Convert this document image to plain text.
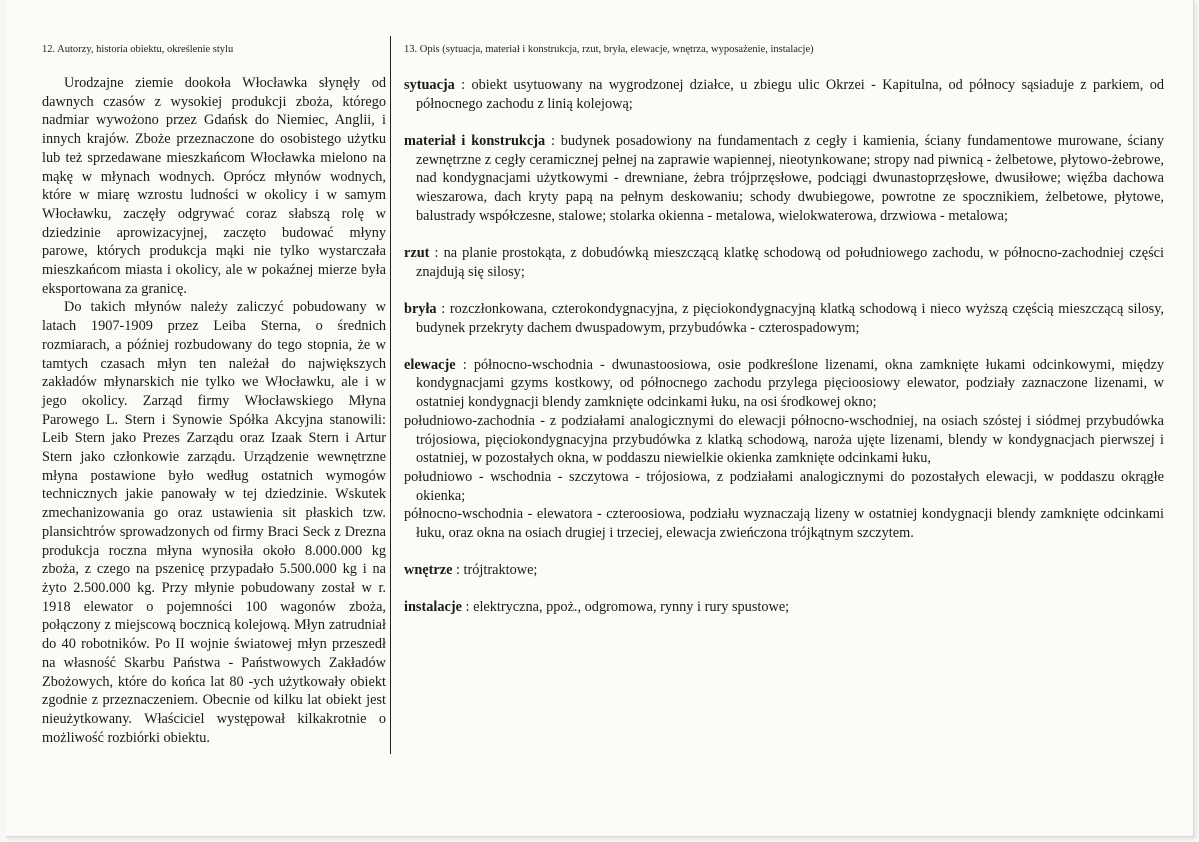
12. Autorzy, historia obiektu, określenie stylu	13. Opis (sytuacja, materiał i konstrukcja, rzut, bryła, elewacje, wnętrza, wyposażenie, instalacje)

Urodzajne ziemie dookoła Włocławka słynęły od dawnych czasów z wysokiej produkcji zboża, którego nadmiar wywożono przez Gdańsk do Niemiec, Anglii, i innych krajów. Zboże przeznaczone do osobistego użytku lub też sprzedawane mieszkańcom Włocławka mielono na mąkę w młynach wodnych. Oprócz młynów wodnych, które w miarę wzrostu ludności w okolicy i w samym Włocławku, zaczęły odgrywać coraz słabszą rolę w dziedzinie aprowizacyjnej, zaczęto budować młyny parowe, których produkcja mąki nie tylko wystarczała mieszkańcom miasta i okolicy, ale w pokaźnej mierze była eksportowana za granicę.

Do takich młynów należy zaliczyć pobudowany w latach 1907-1909 przez Leiba Sterna, o średnich rozmiarach, a później rozbudowany do tego stopnia, że w tamtych czasach młyn ten należał do największych zakładów młynarskich nie tylko we Włocławku, ale i w jego okolicy. Zarząd firmy Włocławskiego Młyna Parowego L. Stern i Synowie Spółka Akcyjna stanowili: Leib Stern jako Prezes Zarządu oraz Izaak Stern i Artur Stern jako członkowie zarządu. Urządzenie wewnętrzne młyna postawione było według ostatnich wymogów technicznych jakie panowały w tej dziedzinie. Wskutek zmechanizowania go oraz ustawienia sit płaskich tzw. plansichtrów sprowadzonych od firmy Braci Seck z Drezna produkcja roczna młyna wynosiła około 8.000.000 kg zboża, z czego na pszenicę przypadało 5.500.000 kg i na żyto 2.500.000 kg. Przy młynie pobudowany został w r. 1918 elewator o pojemności 100 wagonów zboża, połączony z miejscową bocznicą kolejową. Młyn zatrudniał do 40 robotników. Po II wojnie światowej młyn przeszedł na własność Skarbu Państwa - Państwowych Zakładów Zbożowych, które do końca lat 80 -ych użytkowały obiekt zgodnie z przeznaczeniem. Obecnie od kilku lat obiekt jest nieużytkowany. Właściciel występował kilkakrotnie o możliwość rozbiórki obiektu.

sytuacja : obiekt usytuowany na wygrodzonej działce, u zbiegu ulic Okrzei - Kapitulna, od północy sąsiaduje z parkiem, od północnego zachodu z linią kolejową;

materiał i konstrukcja : budynek posadowiony na fundamentach z cegły i kamienia, ściany fundamentowe murowane, ściany zewnętrzne z cegły ceramicznej pełnej na zaprawie wapiennej, nieotynkowane; stropy nad piwnicą - żelbetowe, płytowo-żebrowe, nad kondygnacjami użytkowymi - drewniane, żebra trójprzęsłowe, podciągi dwunastoprzęsłowe, dwusiłowe; więźba dachowa wieszarowa, dach kryty papą na pełnym deskowaniu; schody dwubiegowe, powrotne ze spocznikiem, żelbetowe, płytowe, balustrady współczesne, stalowe; stolarka okienna - metalowa, wielokwaterowa, drzwiowa - metalowa;

rzut : na planie prostokąta, z dobudówką mieszczącą klatkę schodową od południowego zachodu, w północno-zachodniej części znajdują się silosy;

bryła : rozczłonkowana, czterokondygnacyjna, z pięciokondygnacyjną klatką schodową i nieco wyższą częścią mieszczącą silosy, budynek przekryty dachem dwuspadowym, przybudówka - czterospadowym;

elewacje : północno-wschodnia - dwunastoosiowa, osie podkreślone lizenami, okna zamknięte łukami odcinkowymi, między kondygnacjami gzyms kostkowy, od północnego zachodu przylega pięcioosiowy elewator, podziały zaznaczone lizenami, w ostatniej kondygnacji blendy zamknięte odcinkami łuku, na osi środkowej okno;
południowo-zachodnia - z podziałami analogicznymi do elewacji północno-wschodniej, na osiach szóstej i siódmej przybudówka trójosiowa, pięciokondygnacyjna przybudówka z klatką schodową, naroża ujęte lizenami, blendy w kondygnacjach pierwszej i ostatniej, w pozostałych okna, w poddaszu niewielkie okienka zamknięte odcinkami łuku,
południowo - wschodnia - szczytowa - trójosiowa, z podziałami analogicznymi do pozostałych elewacji, w poddaszu okrągłe okienka;
północno-wschodnia - elewatora - czteroosiowa, podziału wyznaczają lizeny w ostatniej kondygnacji blendy zamknięte odcinkami łuku, oraz okna na osiach drugiej i trzeciej, elewacja zwieńczona trójkątnym szczytem.

wnętrze : trójtraktowe;

instalacje : elektryczna, ppoż., odgromowa, rynny i rury spustowe;
